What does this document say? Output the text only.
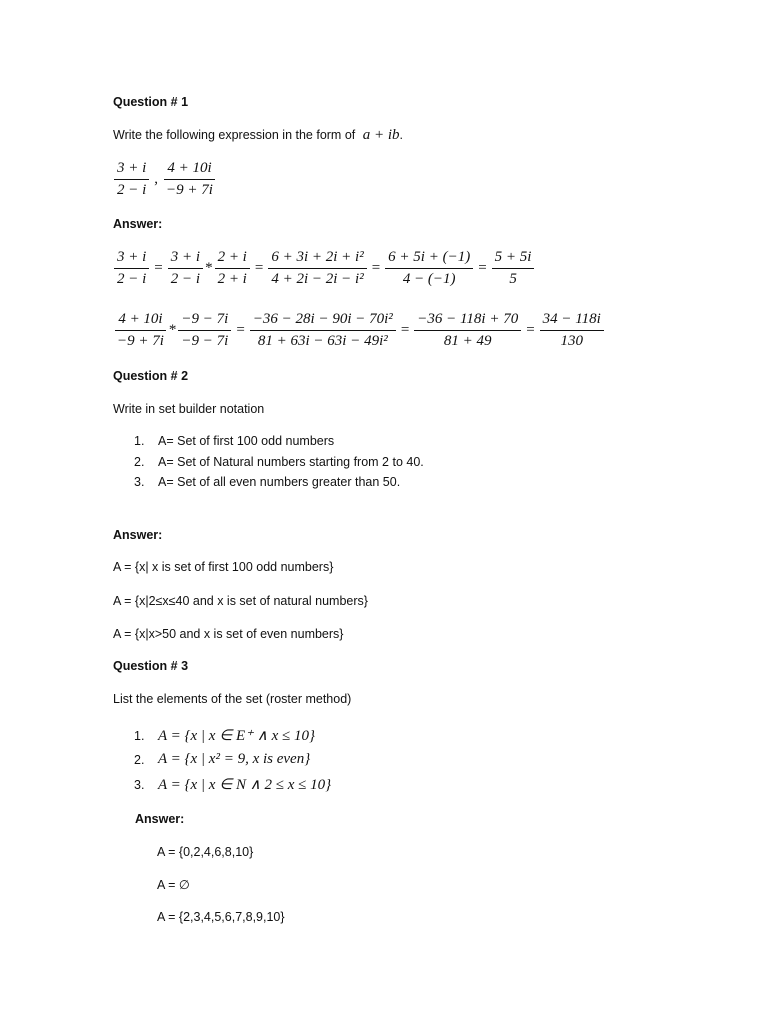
Question # 1
Write the following expression in the form of a + ib.
$\frac{3 + i}{2 - i}$ , $\frac{4 + 10i}{-9 + 7i}$
Answer:
$\frac{3 + i}{2 - i} = \frac{3 + i}{2 - i} * \frac{2 + i}{2 + i} = \frac{\text{6 + 3i + 2i + i²}}{\text{4 + 2i − 2i − i²}} = \frac{6 + 5i + (-1)}{4 - (-1)} = \frac{5 + 5i}{5}$
$\frac{4 + 10i}{-9 + 7i} * \frac{-9 - 7i}{-9 - 7i} = \frac{\text{−36 − 28i − 90i − 70i²}}{\text{81 + 63i − 63i − 49i²}} = \frac{-36 - 118i + 70}{81 + 49} = \frac{34 - 118i}{130}$
Question # 2
Write in set builder notation
1. A= Set of first 100 odd numbers
2. A= Set of Natural numbers starting from 2 to 40.
3. A= Set of all even numbers greater than 50.
Answer:
A = {x| x is set of first 100 odd numbers}
A = {x|2≤x≤40 and x is set of natural numbers}
A = {x|x>50 and x is set of even numbers}
Question # 3
List the elements of the set (roster method)
1. A = {x | x ∈ E⁺ ∧ x ≤ 10}
2. A = {x | x² = 9, x is even}
3. A = {x | x ∈ N ∧ 2 ≤ x ≤ 10}
Answer:
A = {0,2,4,6,8,10}
A = ∅
A = {2,3,4,5,6,7,8,9,10}
